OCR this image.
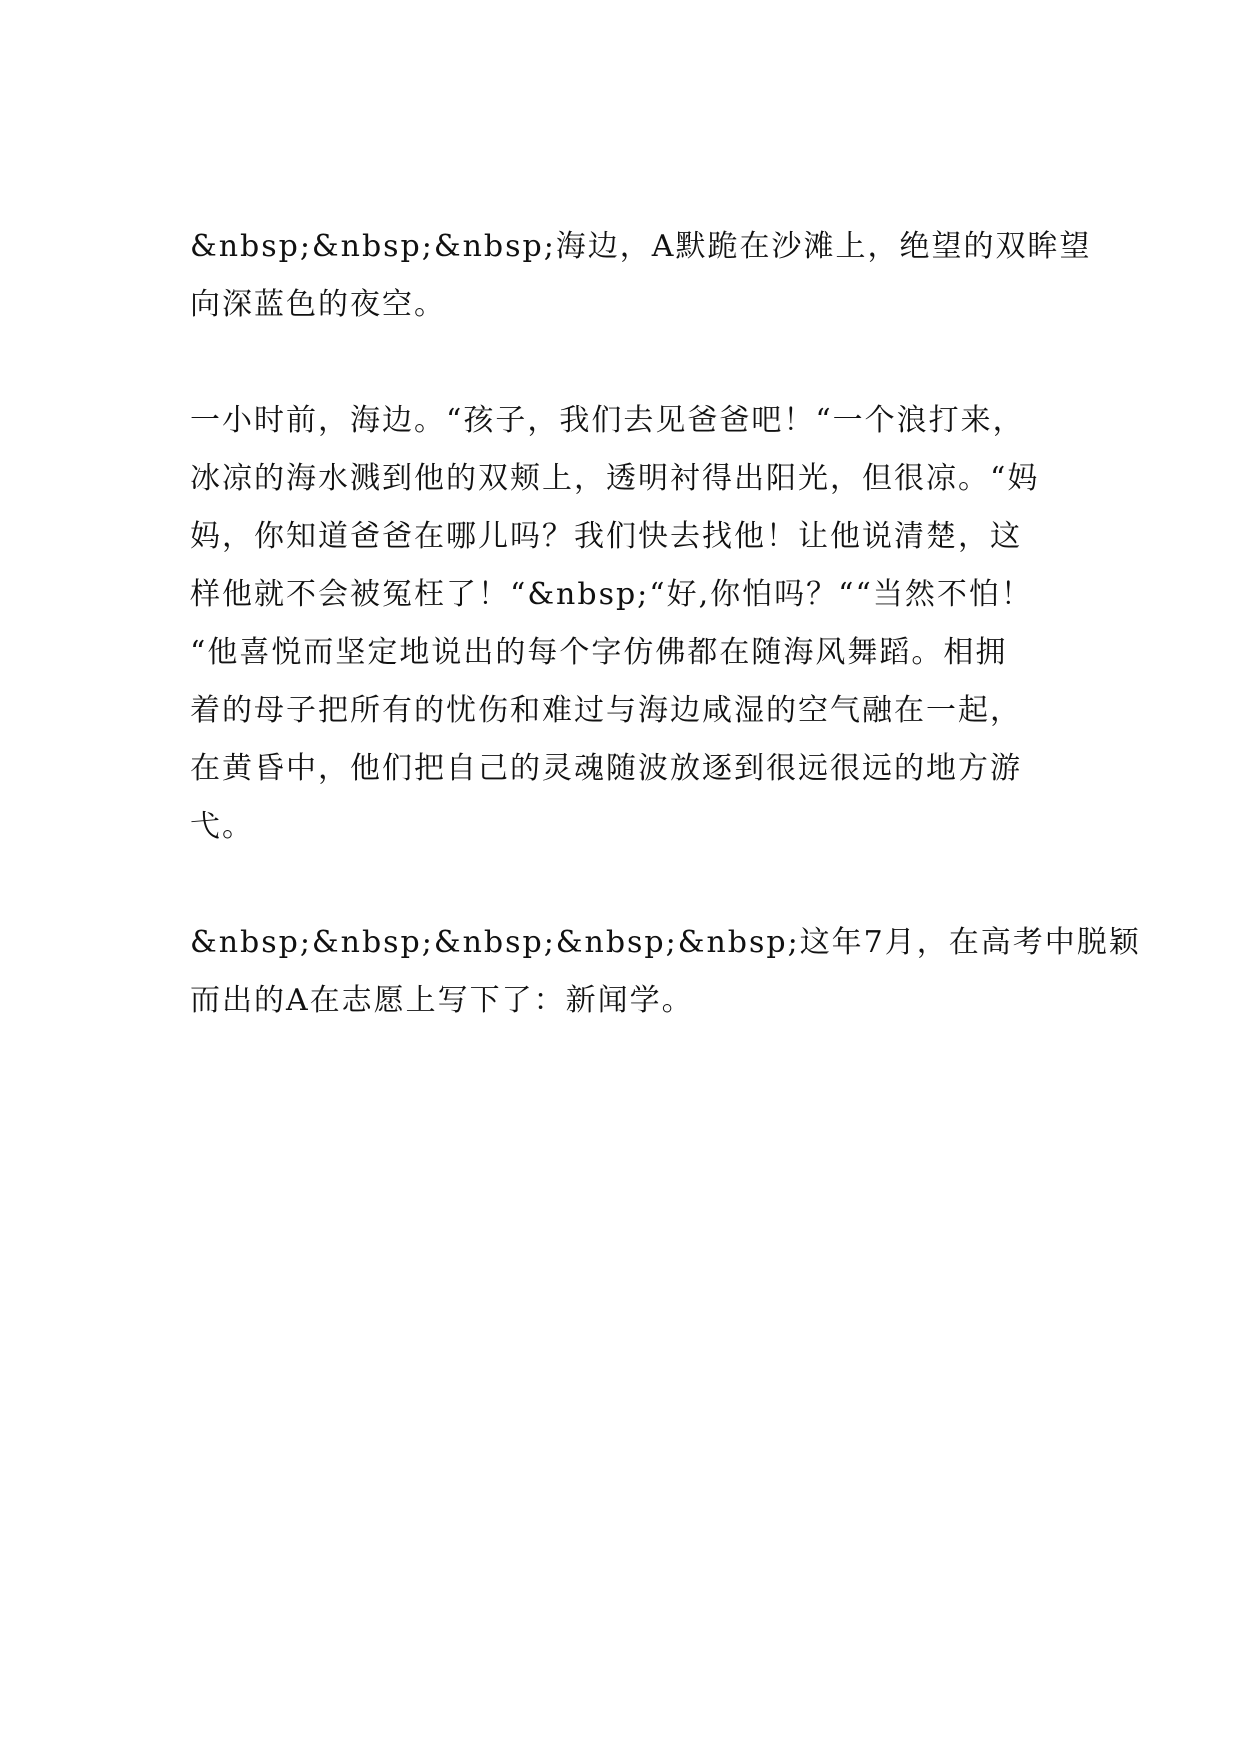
&nbsp;&nbsp;&nbsp;海边，A默跪在沙滩上，绝望的双眸望
向深蓝色的夜空。
一小时前，海边。“孩子，我们去见爸爸吧！“一个浪打来，
冰凉的海水溅到他的双颊上，透明衬得出阳光，但很凉。“妈
妈，你知道爸爸在哪儿吗？我们快去找他！让他说清楚，这
样他就不会被冤枉了！“&nbsp;“好,你怕吗？““当然不怕！
“他喜悦而坚定地说出的每个字仿佛都在随海风舞蹈。相拥
着的母子把所有的忧伤和难过与海边咸湿的空气融在一起，
在黄昏中，他们把自己的灵魂随波放逐到很远很远的地方游
弋。
&nbsp;&nbsp;&nbsp;&nbsp;&nbsp;这年7月，在高考中脱颖
而出的A在志愿上写下了：新闻学。
